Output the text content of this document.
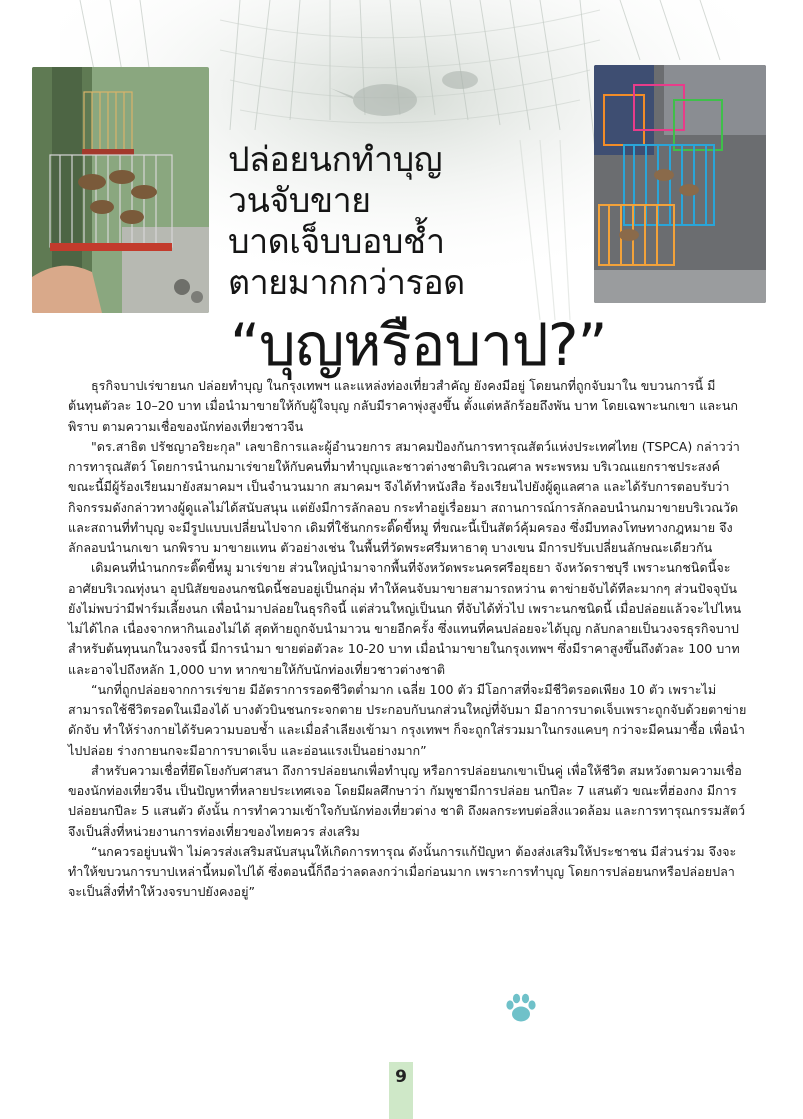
ปล่อยนกทำบุญ
วนจับขาย
บาดเจ็บบอบช้ำ
ตายมากกว่ารอด
“บุญหรือบาป?”

ธุรกิจบาปเร่ขายนก ปล่อยทำบุญ ในกรุงเทพฯ และแหล่งท่องเที่ยวสำคัญ ยังคงมีอยู่ โดยนกที่ถูกจับมาใน ขบวนการนี้ มีต้นทุนตัวละ 10–20 บาท เมื่อนำมาขายให้กับผู้ใจบุญ กลับมีราคาพุ่งสูงขึ้น ตั้งแต่หลักร้อยถึงพัน บาท โดยเฉพาะนกเขา และนกพิราบ ตามความเชื่อของนักท่องเที่ยวชาวจีน

"ดร.สาธิต ปรัชญาอริยะกุล" เลขาธิการและผู้อำนวยการ สมาคมป้องกันการทารุณสัตว์แห่งประเทศไทย (TSPCA) กล่าวว่า การทารุณสัตว์ โดยการนำนกมาเร่ขายให้กับคนที่มาทำบุญและชาวต่างชาติบริเวณศาล พระพรหม บริเวณแยกราชประสงค์ ขณะนี้มีผู้ร้องเรียนมายังสมาคมฯ เป็นจำนวนมาก สมาคมฯ จึงได้ทำหนังสือ ร้องเรียนไปยังผู้ดูแลศาล และได้รับการตอบรับว่า กิจกรรมดังกล่าวทางผู้ดูแลไม่ได้สนับสนุน แต่ยังมีการลักลอบ กระทำอยู่เรื่อยมา สถานการณ์การลักลอบนำนกมาขายบริเวณวัด และสถานที่ทำบุญ จะมีรูปแบบเปลี่ยนไปจาก เดิมที่ใช้นกกระติ๊ดขี้หมู ที่ขณะนี้เป็นสัตว์คุ้มครอง ซึ่งมีบทลงโทษทางกฎหมาย จึงลักลอบนำนกเขา นกพิราบ มาขายแทน ตัวอย่างเช่น ในพื้นที่วัดพระศรีมหาธาตุ บางเขน มีการปรับเปลี่ยนลักษณะเดียวกัน

เดิมคนที่นำนกกระติ๊ดขี้หมู มาเร่ขาย ส่วนใหญ่นำมาจากพื้นที่จังหวัดพระนครศรีอยุธยา จังหวัดราชบุรี เพราะนกชนิดนี้จะอาศัยบริเวณทุ่งนา อุปนิสัยของนกชนิดนี้ชอบอยู่เป็นกลุ่ม ทำให้คนจับมาขายสามารถหว่าน ตาข่ายจับได้ทีละมากๆ ส่วนปัจจุบันยังไม่พบว่ามีฟาร์มเลี้ยงนก เพื่อนำมาปล่อยในธุรกิจนี้ แต่ส่วนใหญ่เป็นนก ที่จับได้ทั่วไป เพราะนกชนิดนี้ เมื่อปล่อยแล้วจะไปไหนไม่ได้ไกล เนื่องจากหากินเองไม่ได้ สุดท้ายถูกจับนำมาวน ขายอีกครั้ง ซึ่งแทนที่คนปล่อยจะได้บุญ กลับกลายเป็นวงจรธุรกิจบาป สำหรับต้นทุนนกในวงจรนี้ มีการนำมา ขายต่อตัวละ 10-20 บาท เมื่อนำมาขายในกรุงเทพฯ ซึ่งมีราคาสูงขึ้นถึงตัวละ 100 บาท และอาจไปถึงหลัก 1,000 บาท หากขายให้กับนักท่องเที่ยวชาวต่างชาติ

“นกที่ถูกปล่อยจากการเร่ขาย มีอัตราการรอดชีวิตต่ำมาก เฉลี่ย 100 ตัว มีโอกาสที่จะมีชีวิตรอดเพียง 10 ตัว เพราะไม่สามารถใช้ชีวิตรอดในเมืองได้ บางตัวบินชนกระจกตาย ประกอบกับนกส่วนใหญ่ที่จับมา มีอาการบาดเจ็บเพราะถูกจับด้วยตาข่ายดักจับ ทำให้ร่างกายได้รับความบอบช้ำ และเมื่อลำเลียงเข้ามา กรุงเทพฯ ก็จะถูกใส่รวมมาในกรงแคบๆ กว่าจะมีคนมาซื้อ เพื่อนำไปปล่อย ร่างกายนกจะมีอาการบาดเจ็บ และอ่อนแรงเป็นอย่างมาก”

สำหรับความเชื่อที่ยึดโยงกับศาสนา ถึงการปล่อยนกเพื่อทำบุญ หรือการปล่อยนกเขาเป็นคู่ เพื่อให้ชีวิต สมหวังตามความเชื่อของนักท่องเที่ยวจีน เป็นปัญหาที่หลายประเทศเจอ โดยมีผลศึกษาว่า กัมพูชามีการปล่อย นกปีละ 7 แสนตัว ขณะที่ฮ่องกง มีการปล่อยนกปีละ 5 แสนตัว ดังนั้น การทำความเข้าใจกับนักท่องเที่ยวต่าง ชาติ ถึงผลกระทบต่อสิ่งแวดล้อม และการทารุณกรรมสัตว์ จึงเป็นสิ่งที่หน่วยงานการท่องเที่ยวของไทยควร ส่งเสริม

“นกควรอยู่บนฟ้า ไม่ควรส่งเสริมสนับสนุนให้เกิดการทารุณ ดังนั้นการแก้ปัญหา ต้องส่งเสริมให้ประชาชน มีส่วนร่วม จึงจะทำให้ขบวนการบาปเหล่านี้หมดไปได้ ซึ่งตอนนี้ก็ถือว่าลดลงกว่าเมื่อก่อนมาก เพราะการทำบุญ โดยการปล่อยนกหรือปล่อยปลา จะเป็นสิ่งที่ทำให้วงจรบาปยังคงอยู่”

9
